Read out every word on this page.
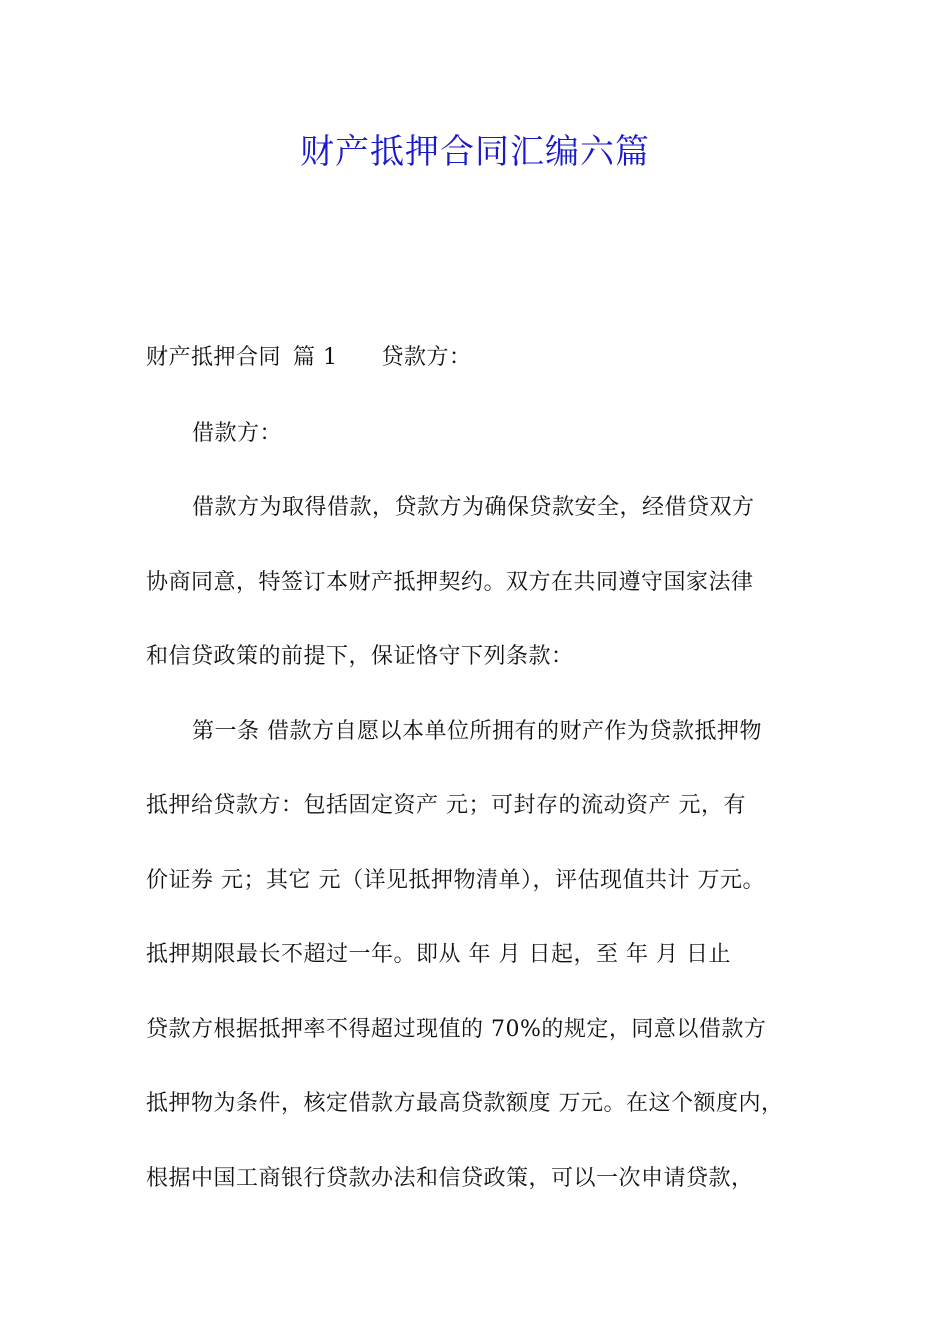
财产抵押合同汇编六篇
财产抵押合同 篇 1 贷款方：
借款方：
借款方为取得借款，贷款方为确保贷款安全，经借贷双方
协商同意，特签订本财产抵押契约。双方在共同遵守国家法律
和信贷政策的前提下，保证恪守下列条款：
第一条 借款方自愿以本单位所拥有的财产作为贷款抵押物
抵押给贷款方：包括固定资产 元；可封存的流动资产 元，有
价证券 元；其它 元（详见抵押物清单），评估现值共计 万元。
抵押期限最长不超过一年。即从 年 月 日起，至 年 月 日止
贷款方根据抵押率不得超过现值的 70%的规定，同意以借款方
抵押物为条件，核定借款方最高贷款额度 万元。在这个额度内，
根据中国工商银行贷款办法和信贷政策，可以一次申请贷款，
